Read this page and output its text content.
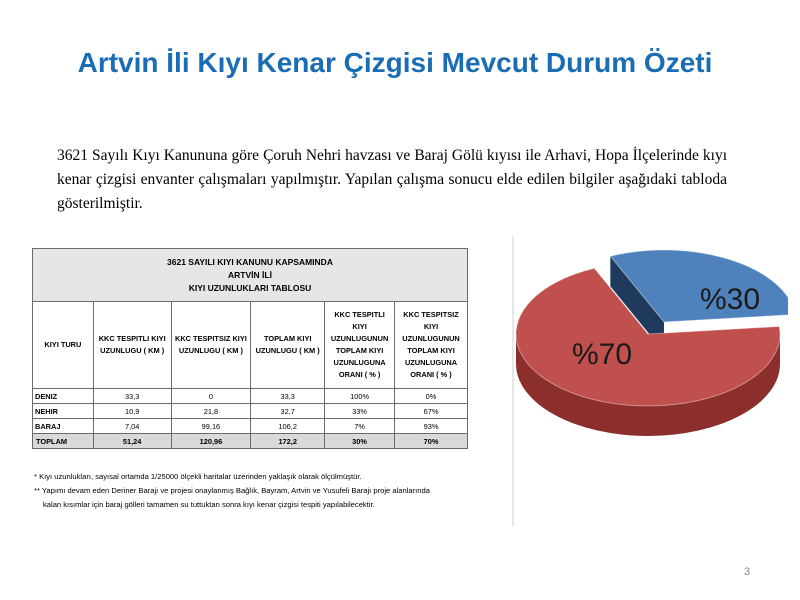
Artvin İli Kıyı Kenar Çizgisi Mevcut Durum Özeti
3621 Sayılı Kıyı Kanununa göre Çoruh Nehri havzası ve Baraj Gölü kıyısı ile Arhavi, Hopa İlçelerinde kıyı kenar çizgisi envanter çalışmaları yapılmıştır. Yapılan çalışma sonucu elde edilen bilgiler aşağıdaki tabloda gösterilmiştir.
3621 SAYILI KIYI KANUNU KAPSAMINDA
ARTVİN İLİ
KIYI UZUNLUKLARI TABLOSU					

KIYI TURU	KKC TESPITLI KIYI UZUNLUGU ( KM )	KKC TESPITSIZ KIYI UZUNLUGU ( KM )	TOPLAM KIYI UZUNLUGU ( KM )	KKC TESPITLI KIYI UZUNLUGUNUN TOPLAM KIYI UZUNLUGUNA ORANI ( % )	KKC TESPITSIZ KIYI UZUNLUGUNUN TOPLAM KIYI UZUNLUGUNA ORANI ( % )
DENIZ	33,3	0	33,3	100%	0%
NEHIR	10,9	21,8	32,7	33%	67%
BARAJ	7,04	99,16	106,2	7%	93%
TOPLAM	51,24	120,96	172,2	30%	70%
* Kıyı uzunlukları, sayısal ortamda 1/25000 ölçekli haritalar üzerinden yaklaşık olarak ölçülmüştür.
** Yapımı devam eden Deriner Barajı ve projesi onaylanmış Bağlık, Bayram, Artvin ve Yusufeli Barajı proje alanlarında
kalan kısımlar için baraj gölleri tamamen su tuttuktan sonra kıyı kenar çizgisi tespiti yapılabilecektir.
%70
%30
3
